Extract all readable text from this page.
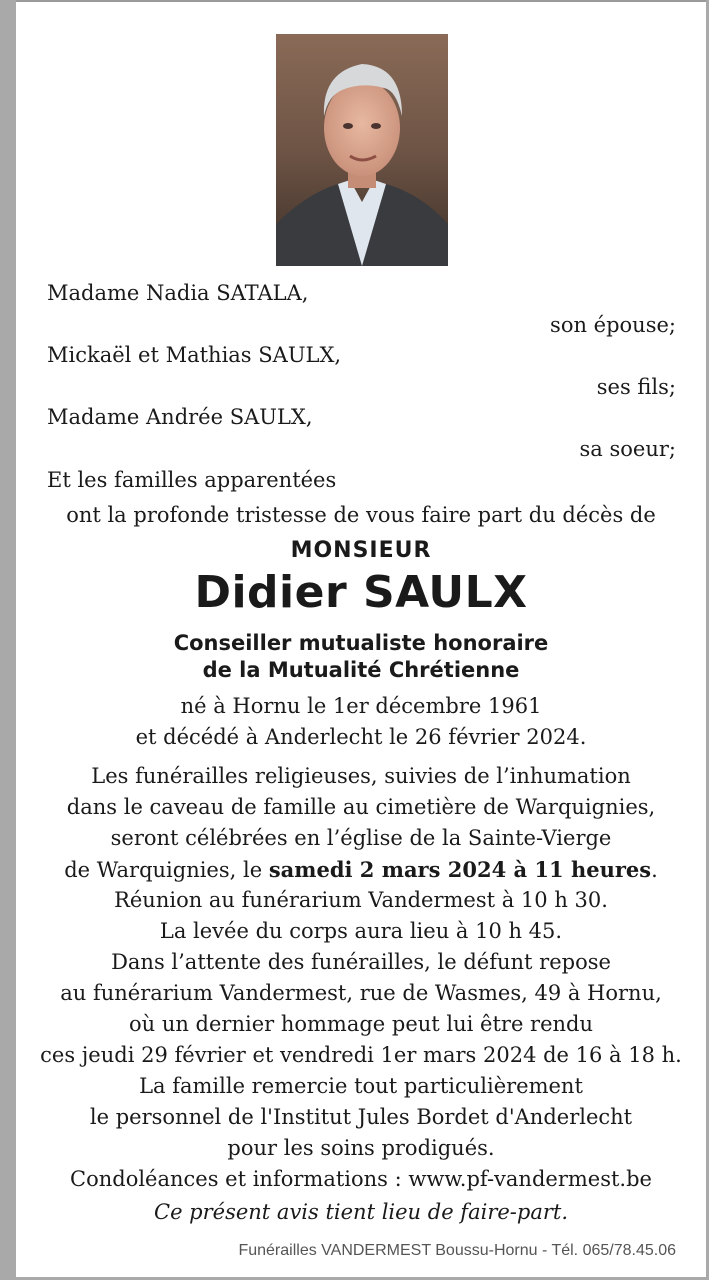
Madame Nadia SATALA,
son épouse;
Mickaël et Mathias SAULX,
ses fils;
Madame Andrée SAULX,
sa soeur;
Et les familles apparentées
ont la profonde tristesse de vous faire part du décès de
MONSIEUR
Didier SAULX
Conseiller mutualiste honoraire
de la Mutualité Chrétienne
né à Hornu le 1er décembre 1961
et décédé à Anderlecht le 26 février 2024.
Les funérailles religieuses, suivies de l’inhumation
dans le caveau de famille au cimetière de Warquignies,
seront célébrées en l’église de la Sainte-Vierge
de Warquignies, le samedi 2 mars 2024 à 11 heures.
Réunion au funérarium Vandermest à 10 h 30.
La levée du corps aura lieu à 10 h 45.
Dans l’attente des funérailles, le défunt repose
au funérarium Vandermest, rue de Wasmes, 49 à Hornu,
où un dernier hommage peut lui être rendu
ces jeudi 29 février et vendredi 1er mars 2024 de 16 à 18 h.
La famille remercie tout particulièrement
le personnel de l'Institut Jules Bordet d'Anderlecht
pour les soins prodigués.
Condoléances et informations : www.pf-vandermest.be
Ce présent avis tient lieu de faire-part.
Funérailles VANDERMEST Boussu-Hornu - Tél. 065/78.45.06
